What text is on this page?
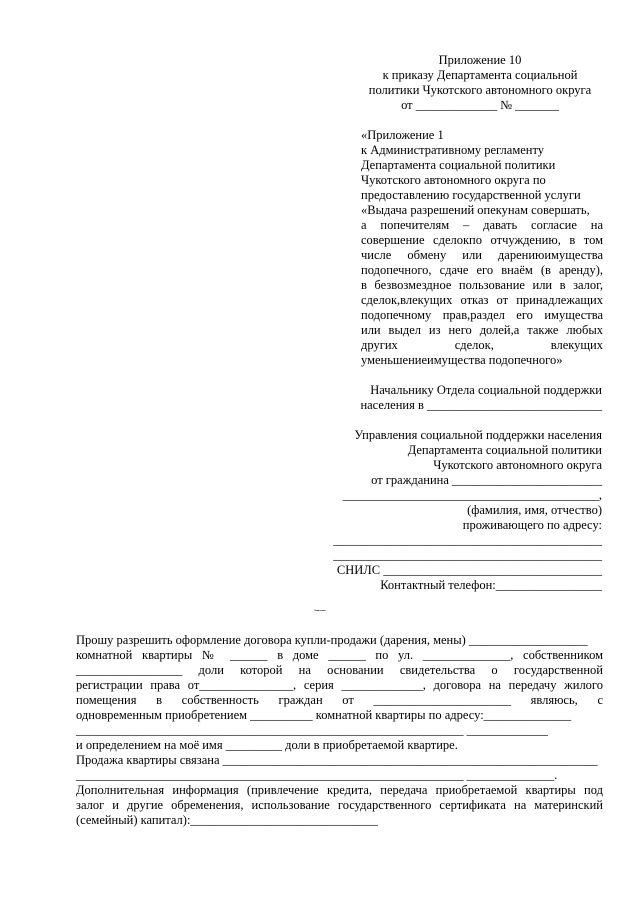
Приложение 10
к приказу Департамента социальной
политики Чукотского автономного округа
от _____________ № _______
«Приложение 1
к Административному регламенту
Департамента социальной политики
Чукотского автономного округа по
предоставлению государственной услуги
«Выдача разрешений опекунам совершать,
а попечителям – давать согласие на
совершение сделокпо отчуждению, в том
числе обмену или дарениюимущества
подопечного, сдаче его внаём (в аренду),
в безвозмездное пользование или в залог,
сделок,влекущих отказ от принадлежащих
подопечному прав,раздел его имущества
или выдел из него долей,а также любых
других сделок, влекущих
уменьшениеимущества подопечного»
Начальнику Отдела социальной поддержки
населения в ____________________________
Управления социальной поддержки населения
Департамента социальной политики
Чукотского автономного округа
от гражданина ________________________
_________________________________________,
(фамилия, имя, отчество)
проживающего по адресу:
___________________________________________
___________________________________________
СНИЛС ___________________________________
Контактный телефон:_________________
Заявление
Прошу разрешить оформление договора купли-продажи (дарения, мены) ___________________
комнатной квартиры № ______ в доме ______ по ул. ______________, собственником
_________________ доли которой на основании свидетельства о государственной
регистрации права от_______________, серия _____________, договора на передачу жилого
помещения в собственность граждан от ______________________ являюсь, с
одновременным приобретением __________ комнатной квартиры по адресу:______________
______________________________________________________________ _____________
и определением на моё имя _________ доли в приобретаемой квартире.
Продажа квартиры связана ____________________________________________________________
______________________________________________________________ ______________.
Дополнительная информация (привлечение кредита, передача приобретаемой квартиры под
залог и другие обременения, использование государственного сертификата на материнский
(семейный) капитал):______________________________
